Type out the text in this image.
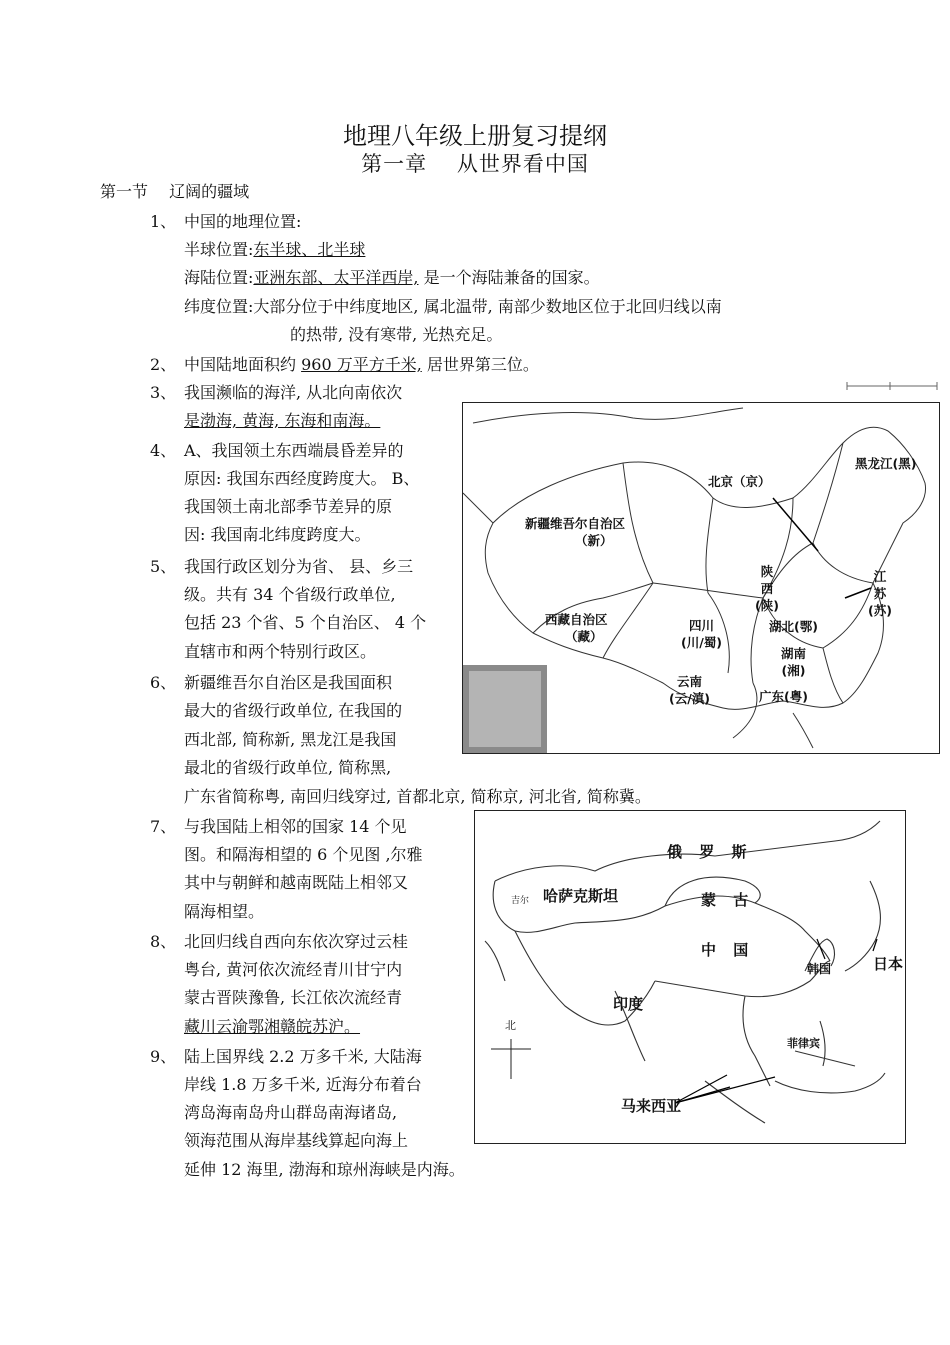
地理八年级上册复习提纲
第一章　 从世界看中国
第一节　 辽阔的疆域
1、 中国的地理位置:
半球位置:东半球、北半球
海陆位置:亚洲东部、太平洋西岸, 是一个海陆兼备的国家。
纬度位置:大部分位于中纬度地区, 属北温带, 南部少数地区位于北回归线以南
的热带, 没有寒带, 光热充足。
2、 中国陆地面积约 960 万平方千米, 居世界第三位。
3、 我国濒临的海洋, 从北向南依次
是渤海, 黄海, 东海和南海。
4、 A、我国领土东西端晨昏差异的
原因: 我国东西经度跨度大。 B、
我国领土南北部季节差异的原
因: 我国南北纬度跨度大。
5、 我国行政区划分为省、 县、乡三
级。共有 34 个省级行政单位,
包括 23 个省、5 个自治区、 4 个
直辖市和两个特别行政区。
6、 新疆维吾尔自治区是我国面积
最大的省级行政单位, 在我国的
西北部, 简称新, 黑龙江是我国
最北的省级行政单位, 简称黑,
广东省简称粤, 南回归线穿过, 首都北京, 简称京, 河北省, 简称冀。
7、 与我国陆上相邻的国家 14 个见
图。和隔海相望的 6 个见图 ,尔雅
其中与朝鲜和越南既陆上相邻又
隔海相望。
8、 北回归线自西向东依次穿过云桂
粤台, 黄河依次流经青川甘宁内
蒙古晋陕豫鲁, 长江依次流经青
藏川云渝鄂湘赣皖苏沪。
9、 陆上国界线 2.2 万多千米, 大陆海
岸线 1.8 万多千米, 近海分布着台
湾岛海南岛舟山群岛南海诸岛,
领海范围从海岸基线算起向海上
延伸 12 海里, 渤海和琼州海峡是内海。
北京（京）
黑龙江(黑)
新疆维吾尔自治区
（新）
陕
西
(陕)
江
苏
(苏)
西藏自治区
（藏）
四川
(川/蜀)
湖北(鄂)
湖南
(湘)
云南
(云/滇)	广东(粤)
俄 罗 斯
哈萨克斯坦	蒙 古
中 国
韩国	日本
印度
菲律宾
马来西亚
北
吉尔
